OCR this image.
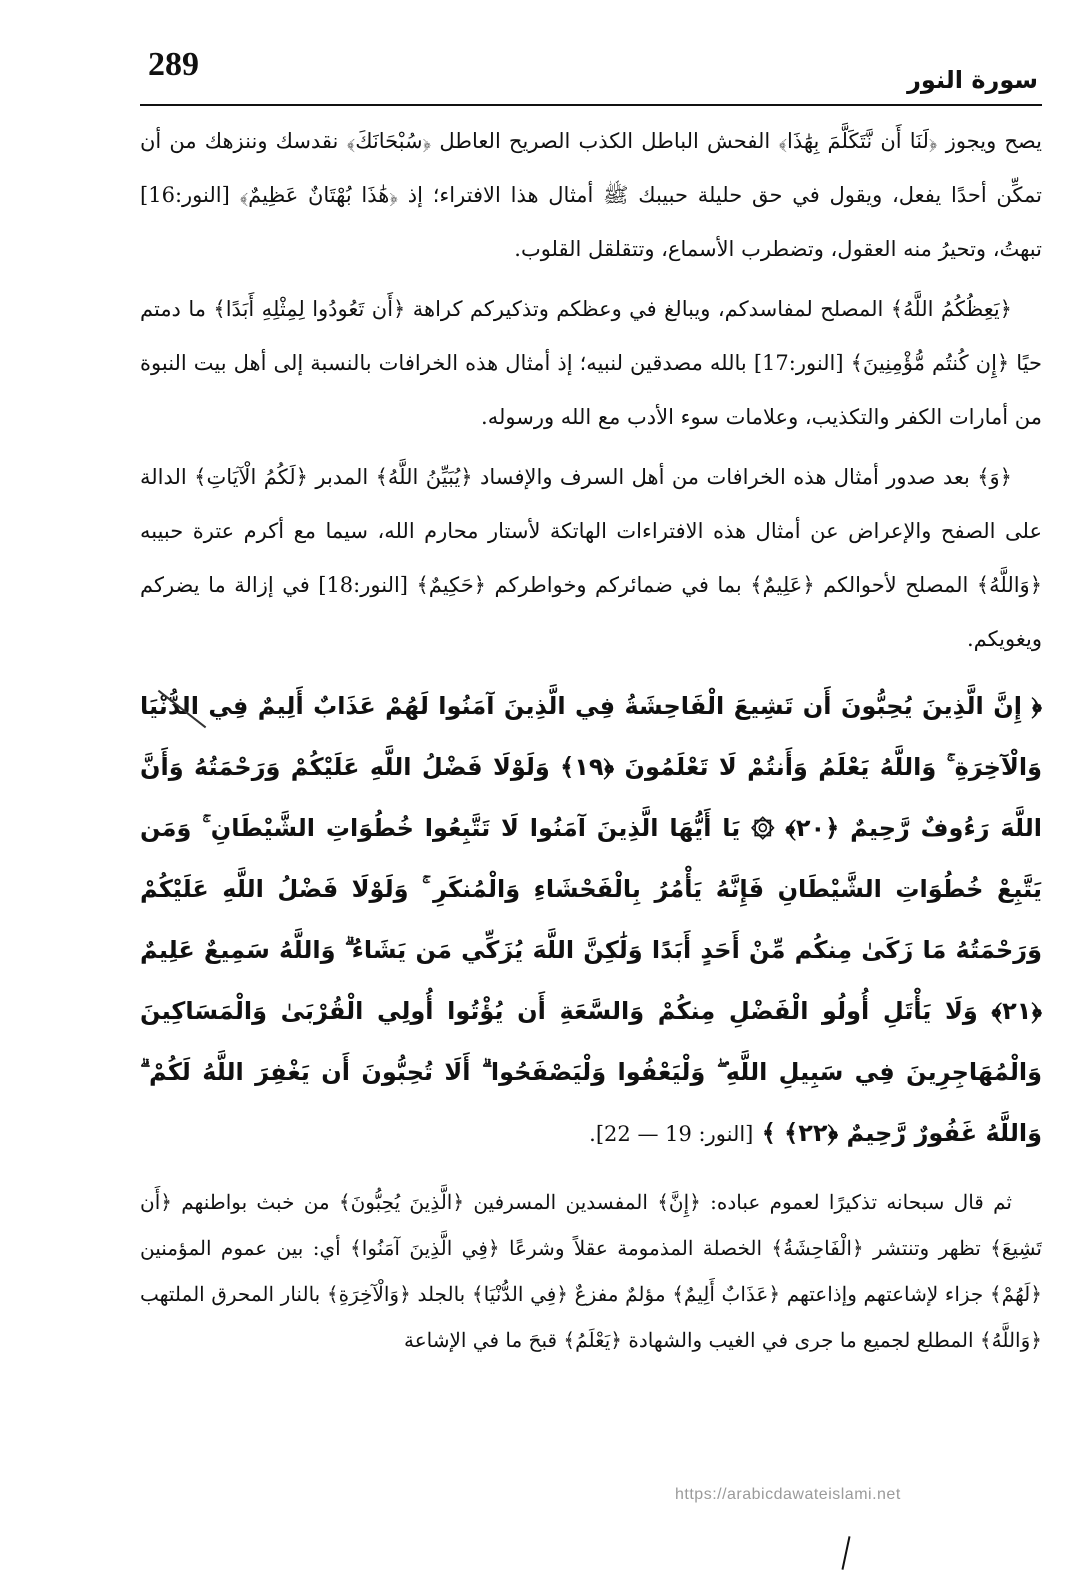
289	سورة النور

يصح ويجوز ﴿لَنَا أَن نَّتَكَلَّمَ بِهَٰذَا﴾ الفحش الباطل الكذب الصريح العاطل ﴿سُبْحَانَكَ﴾ نقدسك وننزهك من أن تمكِّن أحدًا يفعل، ويقول في حق حليلة حبيبك ﷺ أمثال هذا الافتراء؛ إذ ﴿هَٰذَا بُهْتَانٌ عَظِيمٌ﴾ [النور:16] تبهتُ، وتحيرُ منه العقول، وتضطرب الأسماع، وتتقلقل القلوب.

﴿يَعِظُكُمُ اللَّهُ﴾ المصلح لمفاسدكم، ويبالغ في وعظكم وتذكيركم كراهة ﴿أَن تَعُودُوا لِمِثْلِهِ أَبَدًا﴾ ما دمتم حيًا ﴿إِن كُنتُم مُّؤْمِنِينَ﴾ [النور:17] بالله مصدقين لنبيه؛ إذ أمثال هذه الخرافات بالنسبة إلى أهل بيت النبوة من أمارات الكفر والتكذيب، وعلامات سوء الأدب مع الله ورسوله.

﴿وَ﴾ بعد صدور أمثال هذه الخرافات من أهل السرف والإفساد ﴿يُبَيِّنُ اللَّهُ﴾ المدبر ﴿لَكُمُ الْآيَاتِ﴾ الدالة على الصفح والإعراض عن أمثال هذه الافتراءات الهاتكة لأستار محارم الله، سيما مع أكرم عترة حبيبه ﴿وَاللَّهُ﴾ المصلح لأحوالكم ﴿عَلِيمٌ﴾ بما في ضمائركم وخواطركم ﴿حَكِيمٌ﴾ [النور:18] في إزالة ما يضركم ويغويكم.

﴿ إِنَّ الَّذِينَ يُحِبُّونَ أَن تَشِيعَ الْفَاحِشَةُ فِي الَّذِينَ آمَنُوا لَهُمْ عَذَابٌ أَلِيمٌ فِي الدُّنْيَا وَالْآخِرَةِ ۚ وَاللَّهُ يَعْلَمُ وَأَنتُمْ لَا تَعْلَمُونَ ﴿١٩﴾ وَلَوْلَا فَضْلُ اللَّهِ عَلَيْكُمْ وَرَحْمَتُهُ وَأَنَّ اللَّهَ رَءُوفٌ رَّحِيمٌ ﴿٢٠﴾ ۞ يَا أَيُّهَا الَّذِينَ آمَنُوا لَا تَتَّبِعُوا خُطُوَاتِ الشَّيْطَانِ ۚ وَمَن يَتَّبِعْ خُطُوَاتِ الشَّيْطَانِ فَإِنَّهُ يَأْمُرُ بِالْفَحْشَاءِ وَالْمُنكَرِ ۚ وَلَوْلَا فَضْلُ اللَّهِ عَلَيْكُمْ وَرَحْمَتُهُ مَا زَكَىٰ مِنكُم مِّنْ أَحَدٍ أَبَدًا وَلَٰكِنَّ اللَّهَ يُزَكِّي مَن يَشَاءُ ۗ وَاللَّهُ سَمِيعٌ عَلِيمٌ ﴿٢١﴾ وَلَا يَأْتَلِ أُولُو الْفَضْلِ مِنكُمْ وَالسَّعَةِ أَن يُؤْتُوا أُولِي الْقُرْبَىٰ وَالْمَسَاكِينَ وَالْمُهَاجِرِينَ فِي سَبِيلِ اللَّهِ ۖ وَلْيَعْفُوا وَلْيَصْفَحُوا ۗ أَلَا تُحِبُّونَ أَن يَغْفِرَ اللَّهُ لَكُمْ ۗ وَاللَّهُ غَفُورٌ رَّحِيمٌ ﴿٢٢﴾ ﴾ [النور: 19 — 22].

ثم قال سبحانه تذكيرًا لعموم عباده: ﴿إِنَّ﴾ المفسدين المسرفين ﴿الَّذِينَ يُحِبُّونَ﴾ من خبث بواطنهم ﴿أَن تَشِيعَ﴾ تظهر وتنتشر ﴿الْفَاحِشَةُ﴾ الخصلة المذمومة عقلاً وشرعًا ﴿فِي الَّذِينَ آمَنُوا﴾ أي: بين عموم المؤمنين ﴿لَهُمْ﴾ جزاء لإشاعتهم وإذاعتهم ﴿عَذَابٌ أَلِيمٌ﴾ مؤلمٌ مفزعٌ ﴿فِي الدُّنْيَا﴾ بالجلد ﴿وَالْآخِرَةِ﴾ بالنار المحرق الملتهب ﴿وَاللَّهُ﴾ المطلع لجميع ما جرى في الغيب والشهادة ﴿يَعْلَمُ﴾ قبحَ ما في الإشاعة

https://arabicdawateislami.net
